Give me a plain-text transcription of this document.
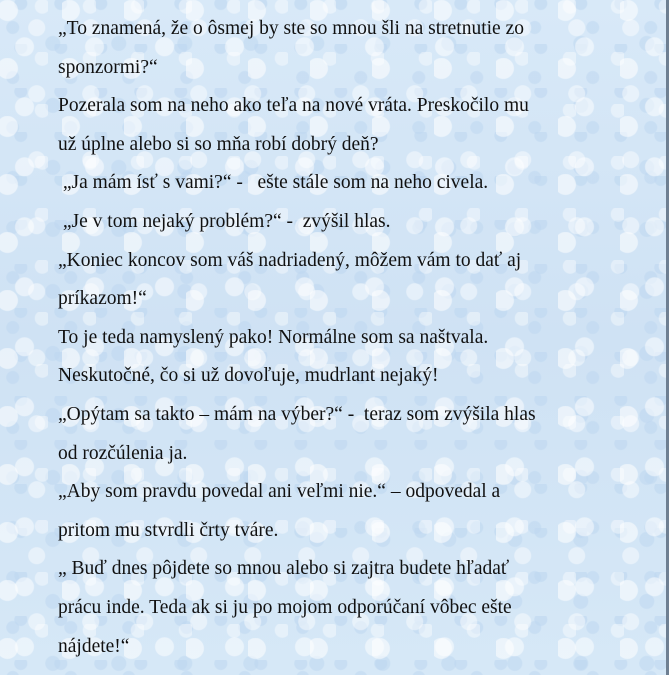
„To znamená, že o ôsmej by ste so mnou šli na stretnutie zo
sponzormi?“
Pozerala som na neho ako teľa na nové vráta. Preskočilo mu
už úplne alebo si so mňa robí dobrý deň?
„Ja mám ísť s vami?“ -   ešte stále som na neho civela.
„Je v tom nejaký problém?“ -  zvýšil hlas.
„Koniec koncov som váš nadriadený, môžem vám to dať aj
príkazom!“
To je teda namyslený pako! Normálne som sa naštvala.
Neskutočné, čo si už dovoľuje, mudrlant nejaký!
„Opýtam sa takto – mám na výber?“ -  teraz som zvýšila hlas
od rozčúlenia ja.
„Aby som pravdu povedal ani veľmi nie.“ – odpovedal a
pritom mu stvrdli črty tváre.
„ Buď dnes pôjdete so mnou alebo si zajtra budete hľadať
prácu inde. Teda ak si ju po mojom odporúčaní vôbec ešte
nájdete!“
